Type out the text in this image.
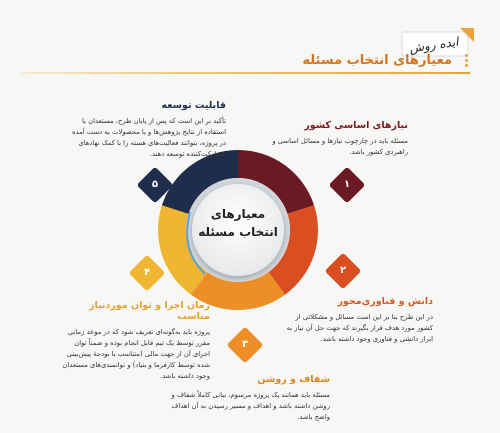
ایده روش
معیارهای انتخاب مسئله
معیارهای
انتخاب مسئله
۱
۲
۳
۴
۵
نیازهای اساسی کشور
مسئله باید در چارچوب نیازها و مسائل اساسی و راهبردی کشور باشد.
قابلیت توسعه
تأکید بر این است که پس از پایان طرح، مستعدان با استفاده از نتایج پژوهش‌ها و یا محصولات به دست آمده در پروژه، بتوانند فعالیت‌های هسته را با کمک نهادهای مشارکت‌کننده توسعه دهند.
دانش و فناوری‌محور
در این طرح بنا بر این است مسائل و مشکلاتی از کشور مورد هدف قرار بگیرند که جهت حل آن نیاز به ابزار دانشی و فناوری وجود داشته باشد.
زمان اجرا و توان موردنیاز مناسب
پروژه باید به‌گونه‌ای تعریف شود که در موعد زمانی مقرر توسط یک تیم قابل انجام بوده و ضمناً توان اجرای آن از جهت مالی (متناسب با بودجهٔ پیش‌بینی شده توسط کارفرما و بنیاد) و توانمندی‌های مستعدان وجود داشته باشد.	شفاف و روشن
مسئله باید همانند یک پروژه مرسوم، بیانی کاملاً شفاف و روشن داشته باشد و اهداف و مسیر رسیدن به آن اهداف واضح باشد.
